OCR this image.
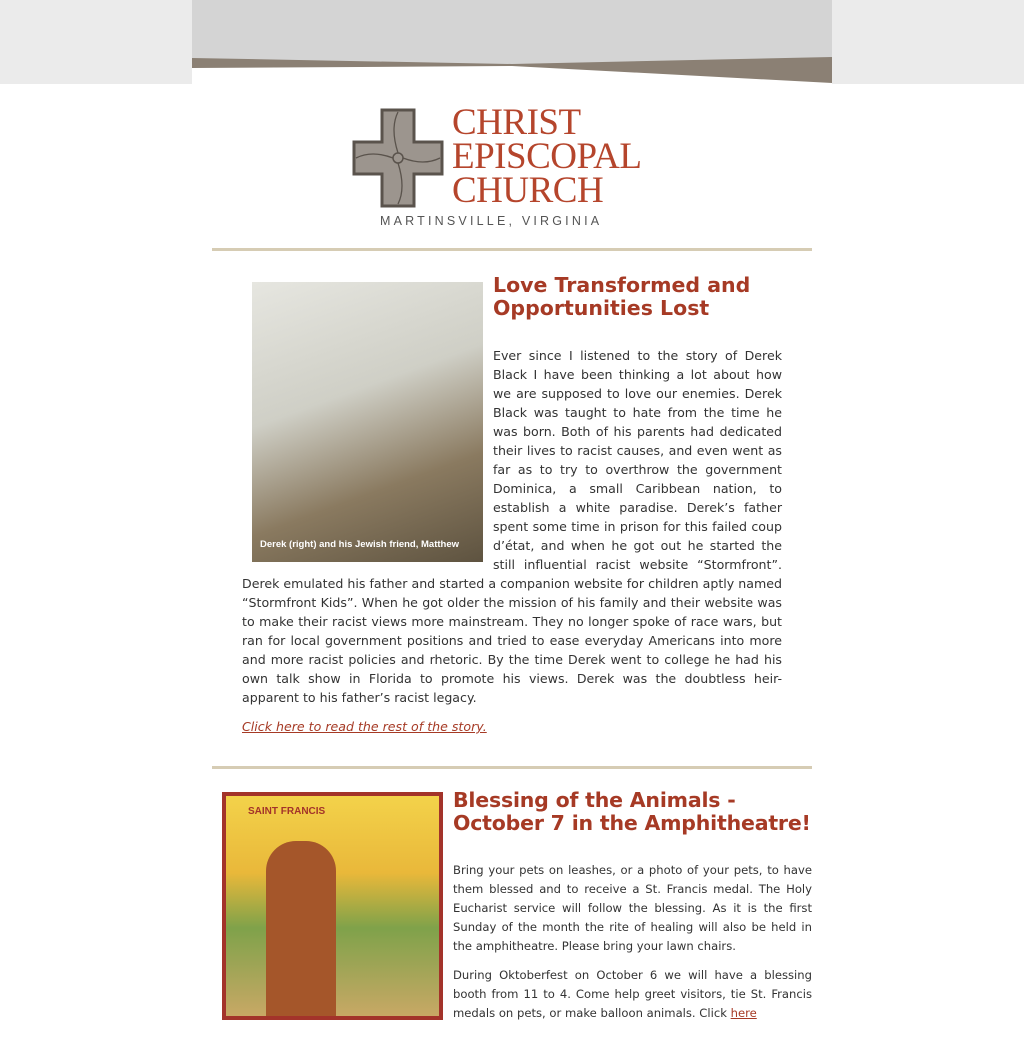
CHRIST
EPISCOPAL
CHURCH
MARTINSVILLE, VIRGINIA
Derek (right) and his Jewish friend, Matthew
Love Transformed and Opportunities Lost

Ever since I listened to the story of Derek Black I have been thinking a lot about how we are supposed to love our enemies. Derek Black was taught to hate from the time he was born. Both of his parents had dedicated their lives to racist causes, and even went as far as to try to overthrow the government Dominica, a small Caribbean nation, to establish a white paradise. Derek’s father spent some time in prison for this failed coup d’état, and when he got out he started the still influential racist website “Stormfront”. Derek emulated his father and started a companion website for children aptly named “Stormfront Kids”. When he got older the mission of his family and their website was to make their racist views more mainstream. They no longer spoke of race wars, but ran for local government positions and tried to ease everyday Americans into more and more racist policies and rhetoric. By the time Derek went to college he had his own talk show in Florida to promote his views. Derek was the doubtless heir-apparent to his father’s racist legacy.

Click here to read the rest of the story.
SAINT FRANCIS	Blessing of the Animals - October 7 in the Amphitheatre!

Bring your pets on leashes, or a photo of your pets, to have them blessed and to receive a St. Francis medal. The Holy Eucharist service will follow the blessing. As it is the first Sunday of the month the rite of healing will also be held in the amphitheatre. Please bring your lawn chairs.

During Oktoberfest on October 6 we will have a blessing booth from 11 to 4. Come help greet visitors, tie St. Francis medals on pets, or make balloon animals. Click here
